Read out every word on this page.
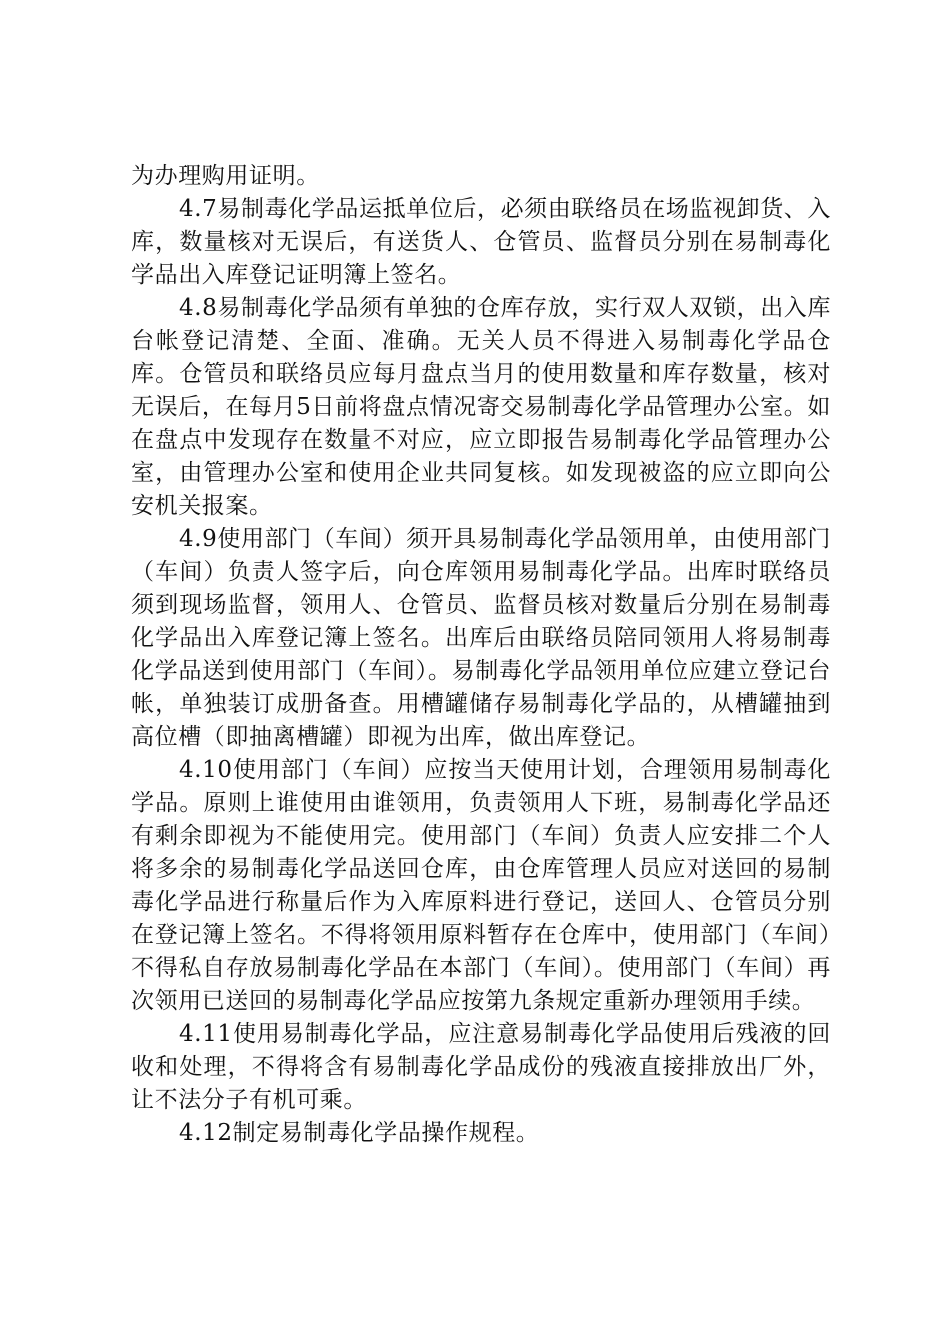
为办理购用证明。

4.7易制毒化学品运抵单位后，必须由联络员在场监视卸货、入库，数量核对无误后，有送货人、仓管员、监督员分别在易制毒化学品出入库登记证明簿上签名。

4.8易制毒化学品须有单独的仓库存放，实行双人双锁，出入库台帐登记清楚、全面、准确。无关人员不得进入易制毒化学品仓库。仓管员和联络员应每月盘点当月的使用数量和库存数量，核对无误后，在每月5日前将盘点情况寄交易制毒化学品管理办公室。如在盘点中发现存在数量不对应，应立即报告易制毒化学品管理办公室，由管理办公室和使用企业共同复核。如发现被盗的应立即向公安机关报案。

4.9使用部门（车间）须开具易制毒化学品领用单，由使用部门（车间）负责人签字后，向仓库领用易制毒化学品。出库时联络员须到现场监督，领用人、仓管员、监督员核对数量后分别在易制毒化学品出入库登记簿上签名。出库后由联络员陪同领用人将易制毒化学品送到使用部门（车间）。易制毒化学品领用单位应建立登记台帐，单独装订成册备查。用槽罐储存易制毒化学品的，从槽罐抽到高位槽（即抽离槽罐）即视为出库，做出库登记。

4.10使用部门（车间）应按当天使用计划，合理领用易制毒化学品。原则上谁使用由谁领用，负责领用人下班，易制毒化学品还有剩余即视为不能使用完。使用部门（车间）负责人应安排二个人将多余的易制毒化学品送回仓库，由仓库管理人员应对送回的易制毒化学品进行称量后作为入库原料进行登记，送回人、仓管员分别在登记簿上签名。不得将领用原料暂存在仓库中，使用部门（车间）不得私自存放易制毒化学品在本部门（车间）。使用部门（车间）再次领用已送回的易制毒化学品应按第九条规定重新办理领用手续。

4.11使用易制毒化学品，应注意易制毒化学品使用后残液的回收和处理，不得将含有易制毒化学品成份的残液直接排放出厂外，让不法分子有机可乘。

4.12制定易制毒化学品操作规程。
